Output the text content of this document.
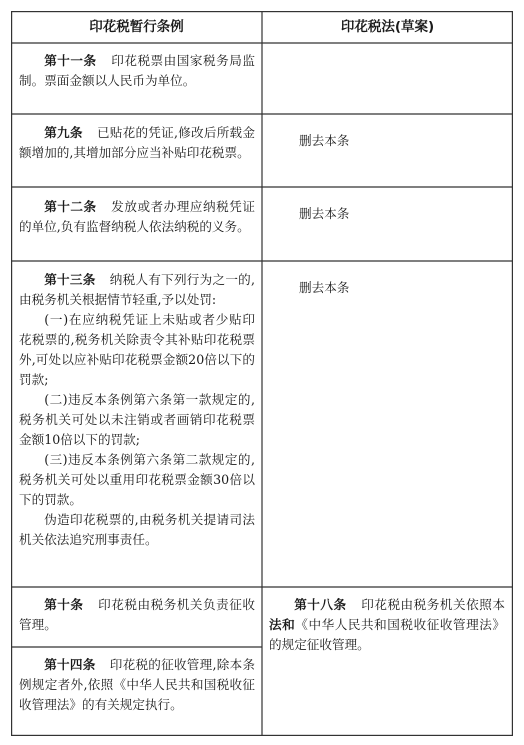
印花税暂行条例	印花税法(草案)

第十一条 印花税票由国家税务局监制。票面金额以人民币为单位。

第九条 已贴花的凭证,修改后所载金额增加的,其增加部分应当补贴印花税票。

删去本条

第十二条 发放或者办理应纳税凭证的单位,负有监督纳税人依法纳税的义务。

删去本条

第十三条 纳税人有下列行为之一的,由税务机关根据情节轻重,予以处罚:

(一)在应纳税凭证上未贴或者少贴印花税票的,税务机关除责令其补贴印花税票外,可处以应补贴印花税票金额20倍以下的罚款;

(二)违反本条例第六条第一款规定的,税务机关可处以未注销或者画销印花税票金额10倍以下的罚款;

(三)违反本条例第六条第二款规定的,税务机关可处以重用印花税票金额30倍以下的罚款。

伪造印花税票的,由税务机关提请司法机关依法追究刑事责任。

删去本条

第十条 印花税由税务机关负责征收管理。

第十四条 印花税的征收管理,除本条例规定者外,依照《中华人民共和国税收征收管理法》的有关规定执行。

第十八条 印花税由税务机关依照本法和《中华人民共和国税收征收管理法》的规定征收管理。
